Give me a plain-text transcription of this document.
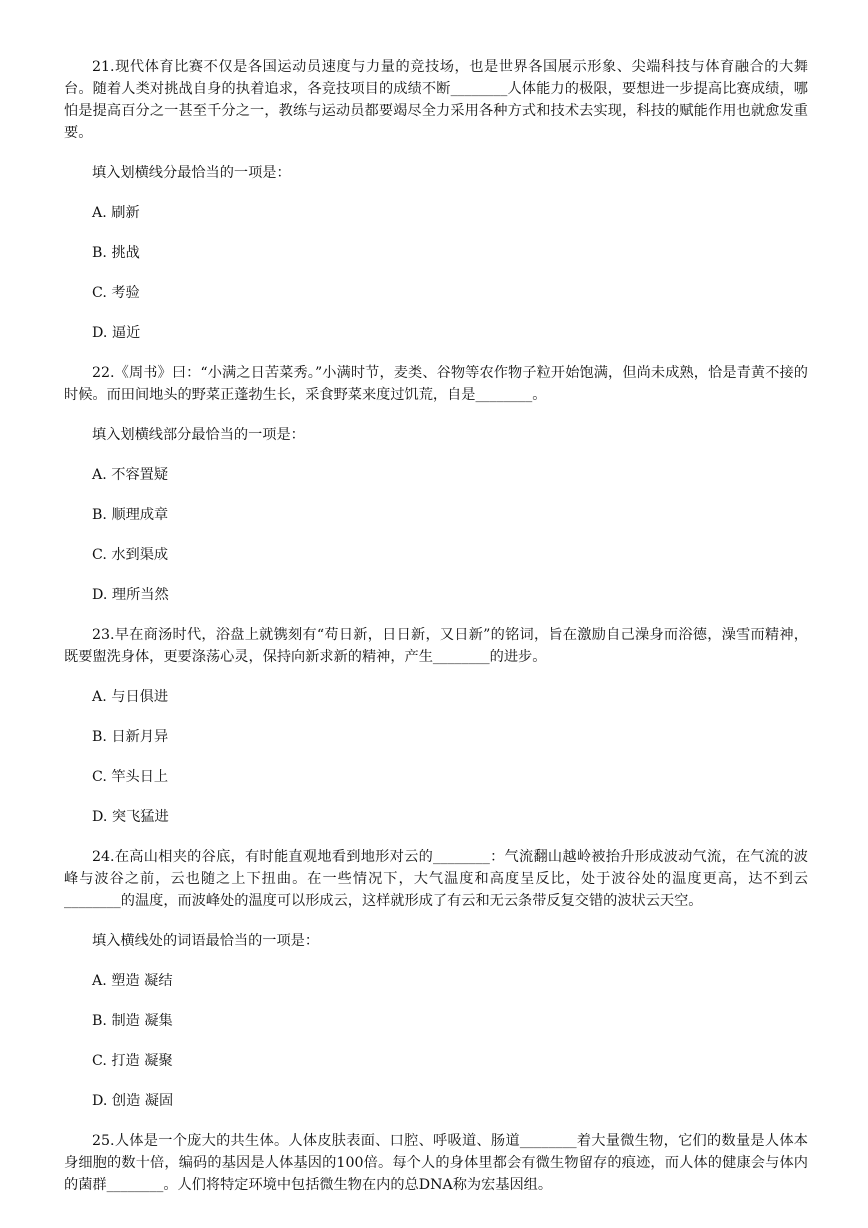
21.现代体育比赛不仅是各国运动员速度与力量的竞技场，也是世界各国展示形象、尖端科技与体育融合的大舞台。随着人类对挑战自身的执着追求，各竞技项目的成绩不断________人体能力的极限，要想进一步提高比赛成绩，哪怕是提高百分之一甚至千分之一，教练与运动员都要竭尽全力采用各种方式和技术去实现，科技的赋能作用也就愈发重要。

填入划横线分最恰当的一项是：

A. 刷新
B. 挑战
C. 考验
D. 逼近

22.《周书》曰：“小满之日苦菜秀。”小满时节，麦类、谷物等农作物子粒开始饱满，但尚未成熟，恰是青黄不接的时候。而田间地头的野菜正蓬勃生长，采食野菜来度过饥荒，自是________。

填入划横线部分最恰当的一项是：

A. 不容置疑
B. 顺理成章
C. 水到渠成
D. 理所当然

23.早在商汤时代，浴盘上就镌刻有“苟日新，日日新，又日新”的铭词，旨在激励自己澡身而浴德，澡雪而精神，既要盥洗身体，更要涤荡心灵，保持向新求新的精神，产生________的进步。

A. 与日俱进
B. 日新月异
C. 竿头日上
D. 突飞猛进

24.在高山相夹的谷底，有时能直观地看到地形对云的________：气流翻山越岭被抬升形成波动气流，在气流的波峰与波谷之前，云也随之上下扭曲。在一些情况下，大气温度和高度呈反比，处于波谷处的温度更高，达不到云________的温度，而波峰处的温度可以形成云，这样就形成了有云和无云条带反复交错的波状云天空。

填入横线处的词语最恰当的一项是：

A. 塑造 凝结
B. 制造 凝集
C. 打造 凝聚
D. 创造 凝固

25.人体是一个庞大的共生体。人体皮肤表面、口腔、呼吸道、肠道________着大量微生物，它们的数量是人体本身细胞的数十倍，编码的基因是人体基因的100倍。每个人的身体里都会有微生物留存的痕迹，而人体的健康会与体内的菌群________。人们将特定环境中包括微生物在内的总DNA称为宏基因组。
